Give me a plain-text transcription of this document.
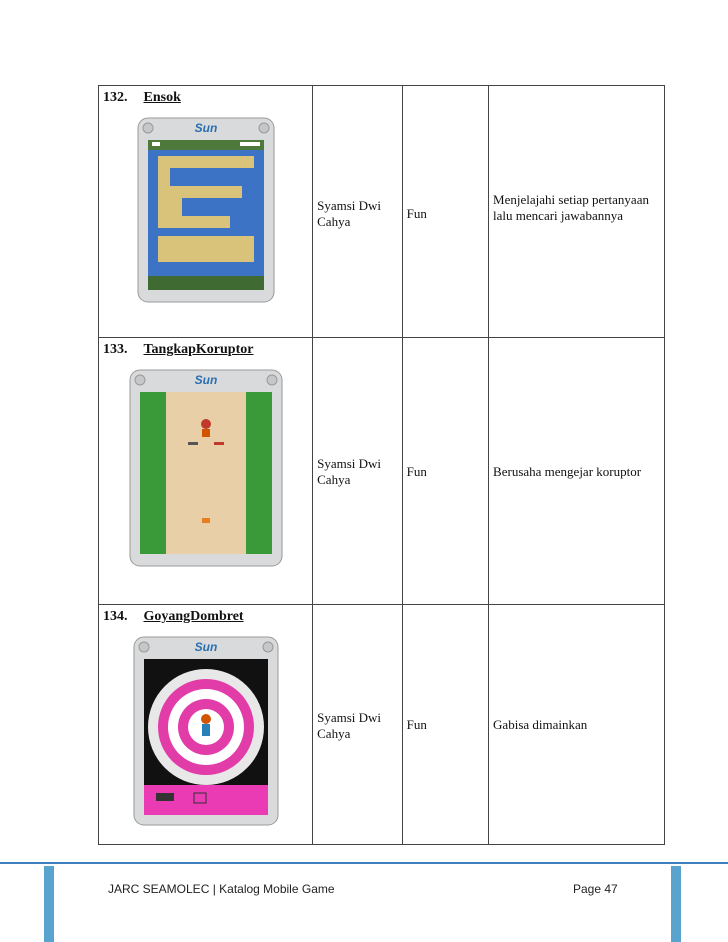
132. Ensok
Sun	Syamsi Dwi Cahya	Fun	Menjelajahi setiap pertanyaan lalu mencari jawabannya

133. TangkapKoruptor
Sun	Syamsi Dwi Cahya	Fun	Berusaha mengejar koruptor

134. GoyangDombret
Sun	Syamsi Dwi Cahya	Fun	Gabisa dimainkan
JARC SEAMOLEC | Katalog Mobile Game	Page 47
